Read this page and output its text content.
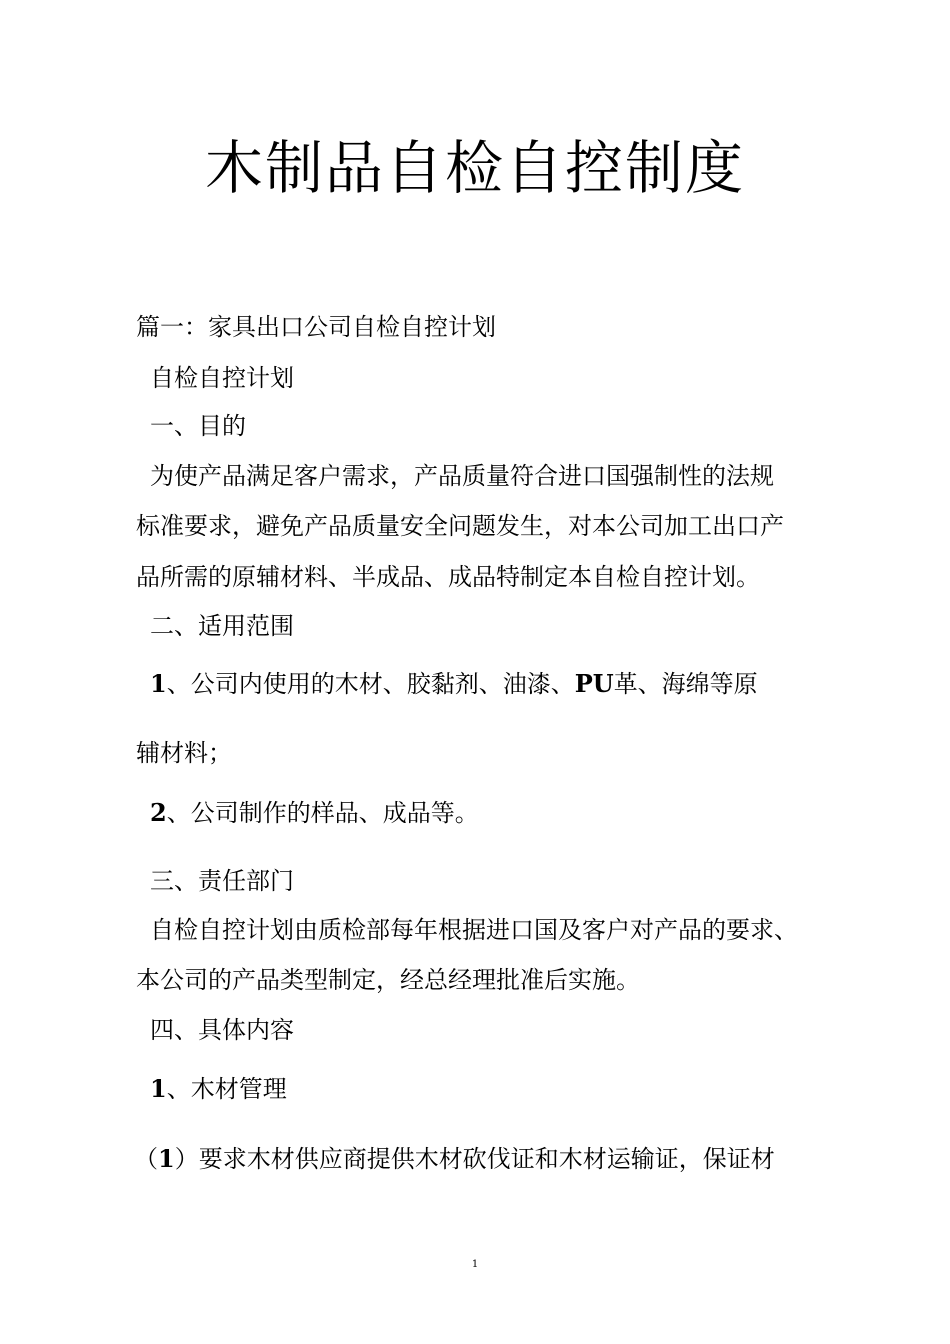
木制品自检自控制度
篇一：家具出口公司自检自控计划
自检自控计划
一、目的
为使产品满足客户需求，产品质量符合进口国强制性的法规
标准要求，避免产品质量安全问题发生，对本公司加工出口产
品所需的原辅材料、半成品、成品特制定本自检自控计划。
二、适用范围
1、公司内使用的木材、胶黏剂、油漆、PU革、海绵等原
辅材料；
2、公司制作的样品、成品等。
三、责任部门
自检自控计划由质检部每年根据进口国及客户对产品的要求、
本公司的产品类型制定，经总经理批准后实施。
四、具体内容
1、木材管理
（1）要求木材供应商提供木材砍伐证和木材运输证，保证材
1
